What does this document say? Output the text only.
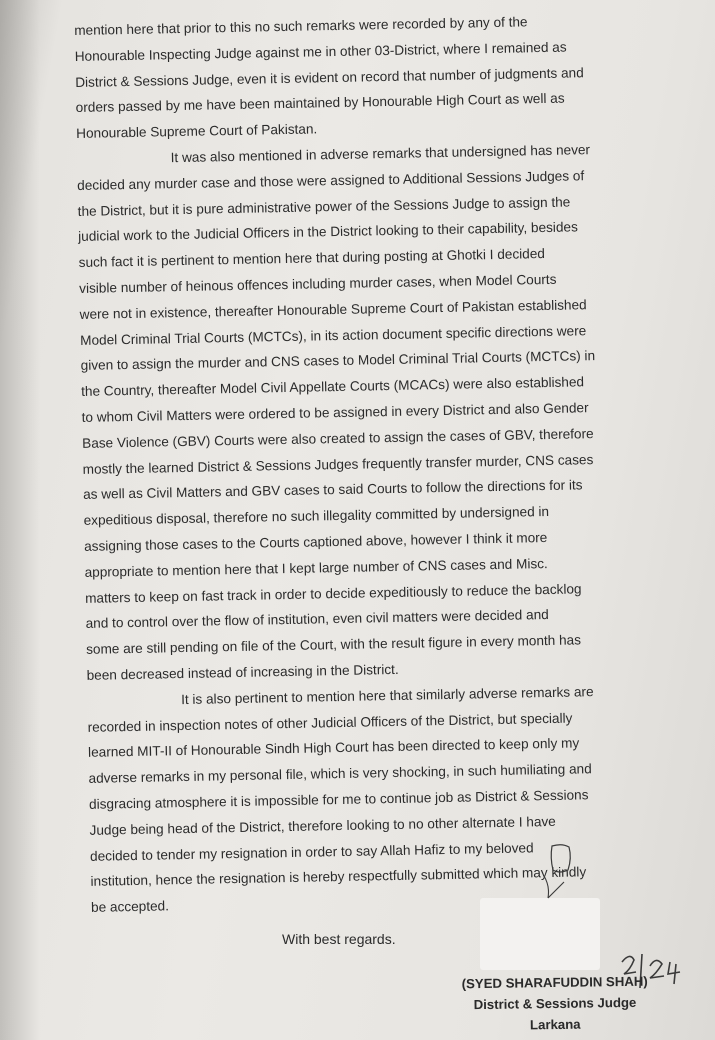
mention here that prior to this no such remarks were recorded by any of the
Honourable Inspecting Judge against me in other 03-District, where I remained as
District & Sessions Judge, even it is evident on record that number of judgments and
orders passed by me have been maintained by Honourable High Court as well as
Honourable Supreme Court of Pakistan.
It was also mentioned in adverse remarks that undersigned has never
decided any murder case and those were assigned to Additional Sessions Judges of
the District, but it is pure administrative power of the Sessions Judge to assign the
judicial work to the Judicial Officers in the District looking to their capability, besides
such fact it is pertinent to mention here that during posting at Ghotki I decided
visible number of heinous offences including murder cases, when Model Courts
were not in existence, thereafter Honourable Supreme Court of Pakistan established
Model Criminal Trial Courts (MCTCs), in its action document specific directions were
given to assign the murder and CNS cases to Model Criminal Trial Courts (MCTCs) in
the Country, thereafter Model Civil Appellate Courts (MCACs) were also established
to whom Civil Matters were ordered to be assigned in every District and also Gender
Base Violence (GBV) Courts were also created to assign the cases of GBV, therefore
mostly the learned District & Sessions Judges frequently transfer murder, CNS cases
as well as Civil Matters and GBV cases to said Courts to follow the directions for its
expeditious disposal, therefore no such illegality committed by undersigned in
assigning those cases to the Courts captioned above, however I think it more
appropriate to mention here that I kept large number of CNS cases and Misc.
matters to keep on fast track in order to decide expeditiously to reduce the backlog
and to control over the flow of institution, even civil matters were decided and
some are still pending on file of the Court, with the result figure in every month has
been decreased instead of increasing in the District.
It is also pertinent to mention here that similarly adverse remarks are
recorded in inspection notes of other Judicial Officers of the District, but specially
learned MIT-II of Honourable Sindh High Court has been directed to keep only my
adverse remarks in my personal file, which is very shocking, in such humiliating and
disgracing atmosphere it is impossible for me to continue job as District & Sessions
Judge being head of the District, therefore looking to no other alternate I have
decided to tender my resignation in order to say Allah Hafiz to my beloved
institution, hence the resignation is hereby respectfully submitted which may kindly
be accepted.
With best regards.
(SYED SHARAFUDDIN SHAH)
District & Sessions Judge
Larkana
